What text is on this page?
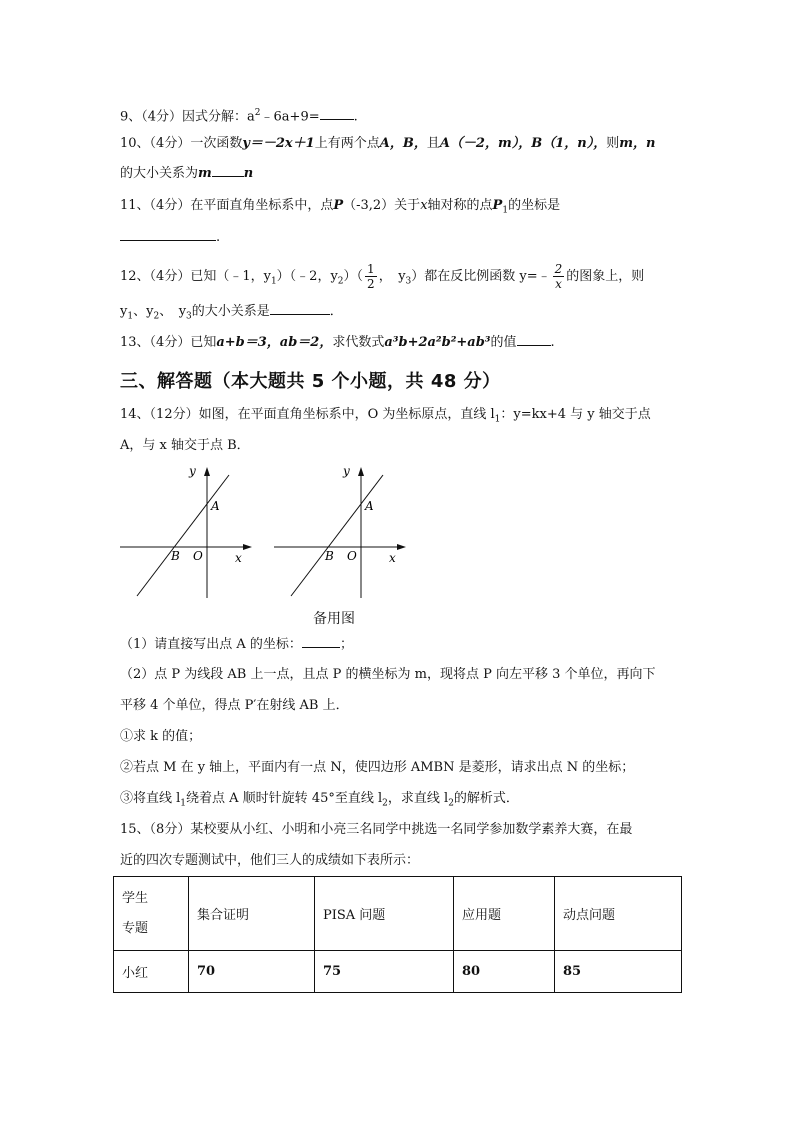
9、（4分）因式分解：$a^2﹣6a+9=$	.
10、（4分）一次函数y＝－2x＋1上有两个点A，B，且A（－2，m），B（1，n），则m，n
的大小关系为m n
11、（4分）在平面直角坐标系中，点P（-3,2）关于x轴对称的点$P_1$的坐标是
.
12、（4分）已知（﹣1，$y_1)(﹣2$，$y_2)( \frac{1}{2}$ ，　$y_3$）都在反比例函数 y=﹣ $\frac{2}{x}$ 的图象上，则
$y_1$、$y_2$、　$y_3$的大小关系是	．
13、（4分）已知a+b＝3，ab＝2，求代数式a³b+2a²b²+ab³的值	.
三、解答题（本大题共 5 个小题，共 48 分）
14、（12分）如图，在平面直角坐标系中，O 为坐标原点，直线 $l_1$：y=kx+4 与 y 轴交于点
A，与 x 轴交于点 B．
y
x
A
B O
y
x
A
B O
备用图
（1）请直接写出点 A 的坐标：	；
（2）点 P 为线段 AB 上一点，且点 P 的横坐标为 m，现将点 P 向左平移 3 个单位，再向下
平移 4 个单位，得点 P′在射线 AB 上．
①求 k 的值；
②若点 M 在 y 轴上，平面内有一点 N，使四边形 AMBN 是菱形，请求出点 N 的坐标；
③将直线 $l_1$绕着点 A 顺时针旋转 45°至直线 $l_2$，求直线 $l_2$的解析式．
15、（8分）某校要从小红、小明和小亮三名同学中挑选一名同学参加数学素养大赛，在最
近的四次专题测试中，他们三人的成绩如下表所示：
学生
专题	集合证明	PISA 问题	应用题	动点问题
小红	70	75	80	85
